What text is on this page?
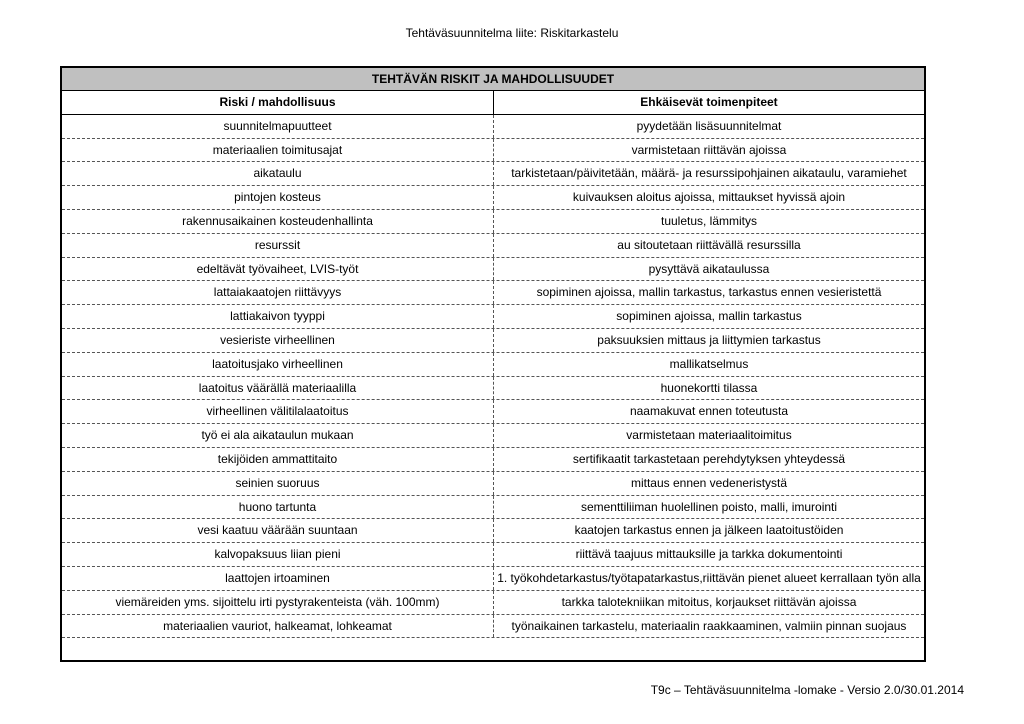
Tehtäväsuunnitelma liite: Riskitarkastelu
TEHTÄVÄN RISKIT JA MAHDOLLISUUDET
Riski / mahdollisuus	Ehkäisevät toimenpiteet
suunnitelmapuutteet	pyydetään lisäsuunnitelmat
materiaalien toimitusajat	varmistetaan riittävän ajoissa
aikataulu	tarkistetaan/päivitetään, määrä- ja resurssipohjainen aikataulu, varamiehet
pintojen kosteus	kuivauksen aloitus ajoissa, mittaukset hyvissä ajoin
rakennusaikainen kosteudenhallinta	tuuletus, lämmitys
resurssit	au sitoutetaan riittävällä resurssilla
edeltävät työvaiheet, LVIS-työt	pysyttävä aikataulussa
lattaiakaatojen riittävyys	sopiminen ajoissa, mallin tarkastus, tarkastus ennen vesieristettä
lattiakaivon tyyppi	sopiminen ajoissa, mallin tarkastus
vesieriste virheellinen	paksuuksien mittaus ja liittymien tarkastus
laatoitusjako virheellinen	mallikatselmus
laatoitus väärällä materiaalilla	huonekortti tilassa
virheellinen välitilalaatoitus	naamakuvat ennen toteutusta
työ ei ala aikataulun mukaan	varmistetaan materiaalitoimitus
tekijöiden ammattitaito	sertifikaatit tarkastetaan perehdytyksen yhteydessä
seinien suoruus	mittaus ennen vedeneristystä
huono tartunta	sementtiliiman huolellinen poisto, malli, imurointi
vesi kaatuu väärään suuntaan	kaatojen tarkastus ennen ja jälkeen laatoitustöiden
kalvopaksuus liian pieni	riittävä taajuus mittauksille ja tarkka dokumentointi
laattojen irtoaminen	1. työkohdetarkastus/työtapatarkastus,riittävän pienet alueet kerrallaan työn alla
viemäreiden yms. sijoittelu irti pystyrakenteista (väh. 100mm)	tarkka talotekniikan mitoitus, korjaukset riittävän ajoissa
materiaalien vauriot, halkeamat, lohkeamat	työnaikainen tarkastelu, materiaalin raakkaaminen, valmiin pinnan suojaus
T9c – Tehtäväsuunnitelma -lomake - Versio 2.0/30.01.2014
